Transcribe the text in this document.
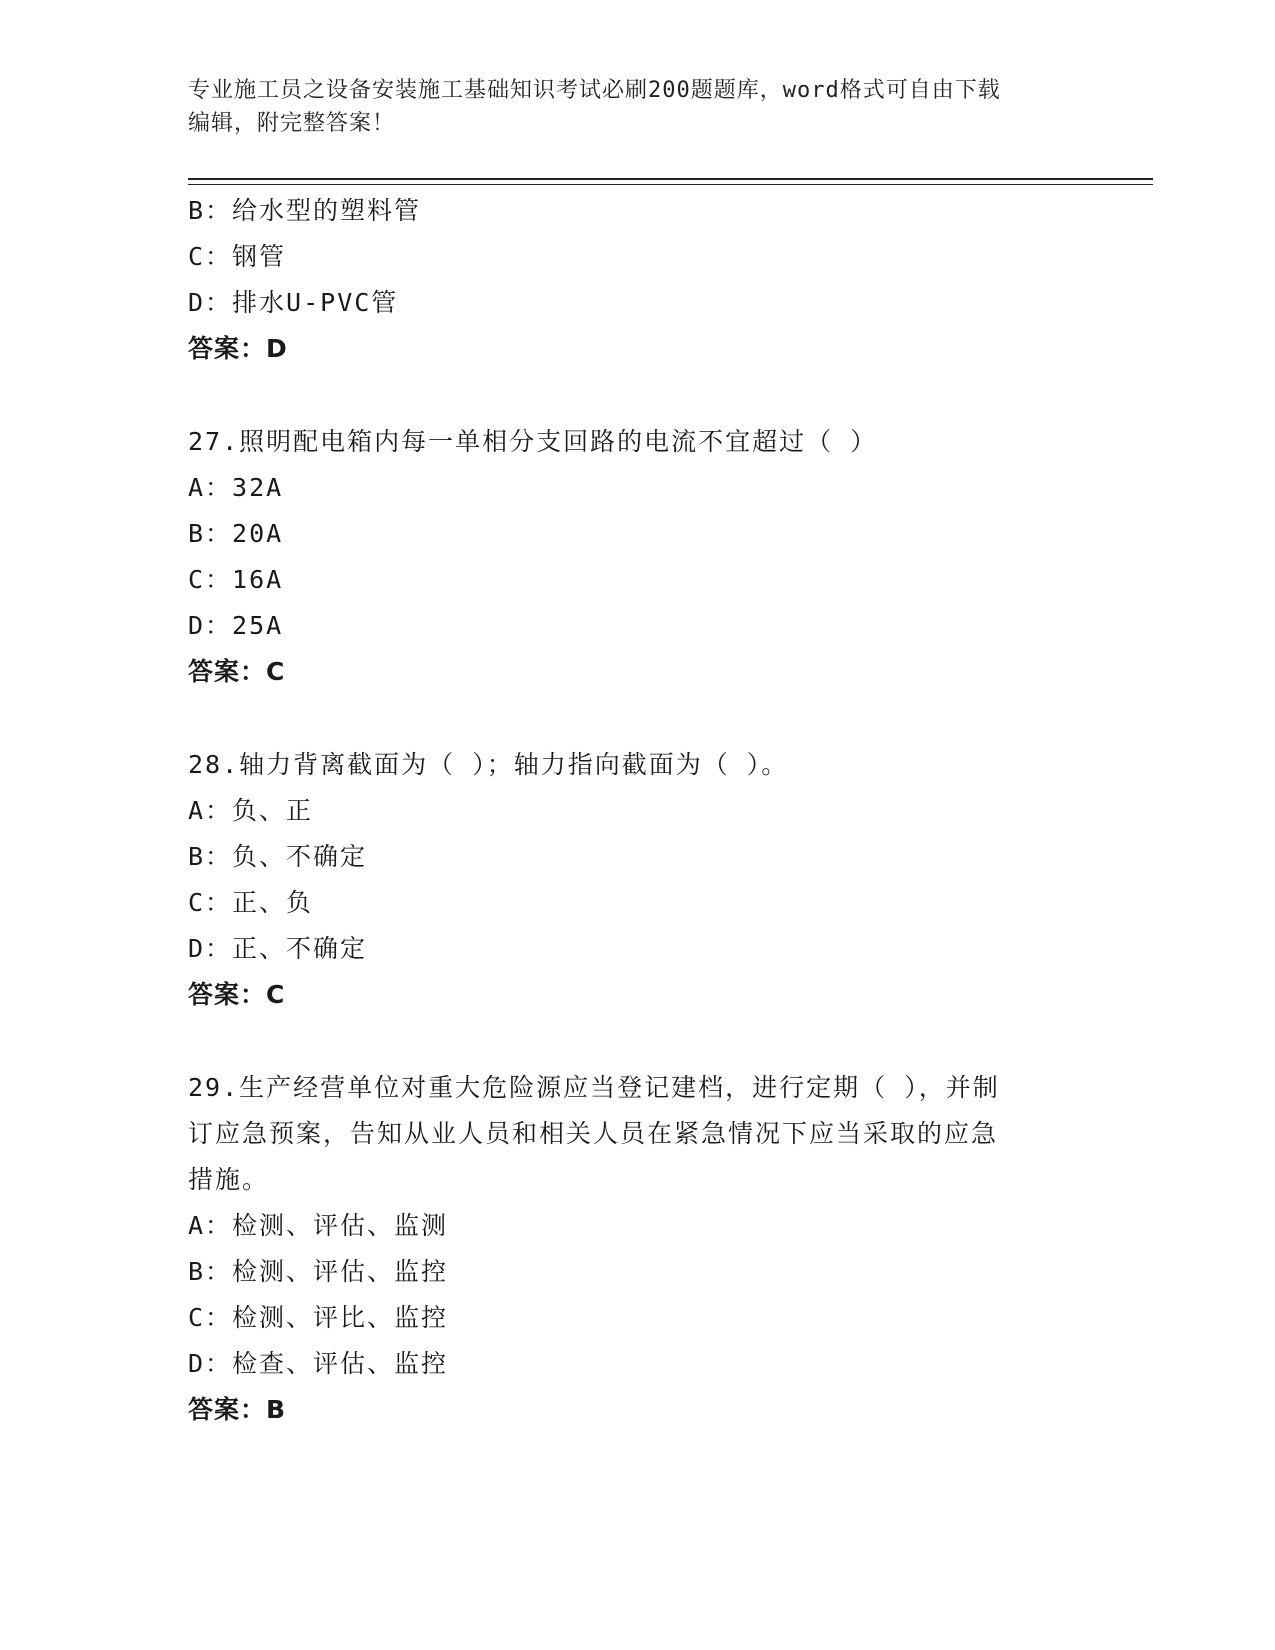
专业施工员之设备安装施工基础知识考试必刷200题题库，word格式可自由下载
编辑，附完整答案！
B：给水型的塑料管
C：钢管
D：排水U-PVC管
答案：D
27.照明配电箱内每一单相分支回路的电流不宜超过（ ）
A：32A
B：20A
C：16A
D：25A
答案：C
28.轴力背离截面为（ ）；轴力指向截面为（ ）。
A：负、正
B：负、不确定
C：正、负
D：正、不确定
答案：C
29.生产经营单位对重大危险源应当登记建档，进行定期（ ），并制
订应急预案，告知从业人员和相关人员在紧急情况下应当采取的应急
措施。
A：检测、评估、监测
B：检测、评估、监控
C：检测、评比、监控
D：检查、评估、监控
答案：B
